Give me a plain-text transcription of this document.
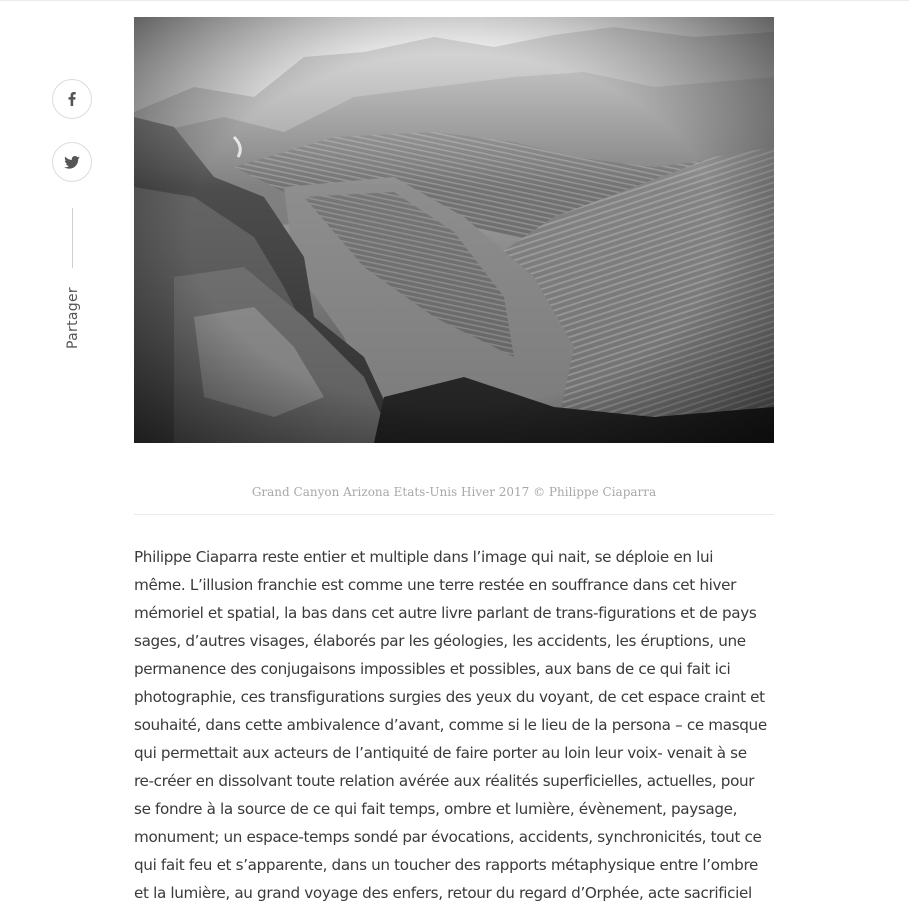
Partager
Grand Canyon Arizona Etats-Unis Hiver 2017 © Philippe Ciaparra
Philippe Ciaparra reste entier et multiple dans l’image qui nait, se déploie en lui
même. L’illusion franchie est comme une terre restée en souffrance dans cet hiver
mémoriel et spatial, la bas dans cet autre livre parlant de trans-figurations et de pays
sages, d’autres visages, élaborés par les géologies, les accidents, les éruptions, une
permanence des conjugaisons impossibles et possibles, aux bans de ce qui fait ici
photographie, ces transfigurations surgies des yeux du voyant, de cet espace craint et
souhaité, dans cette ambivalence d’avant, comme si le lieu de la persona – ce masque
qui permettait aux acteurs de l’antiquité de faire porter au loin leur voix- venait à se
re-créer en dissolvant toute relation avérée aux réalités superficielles, actuelles, pour
se fondre à la source de ce qui fait temps, ombre et lumière, évènement, paysage,
monument; un espace-temps sondé par évocations, accidents, synchronicités, tout ce
qui fait feu et s’apparente, dans un toucher des rapports métaphysique entre l’ombre
et la lumière, au grand voyage des enfers, retour du regard d’Orphée, acte sacrificiel
